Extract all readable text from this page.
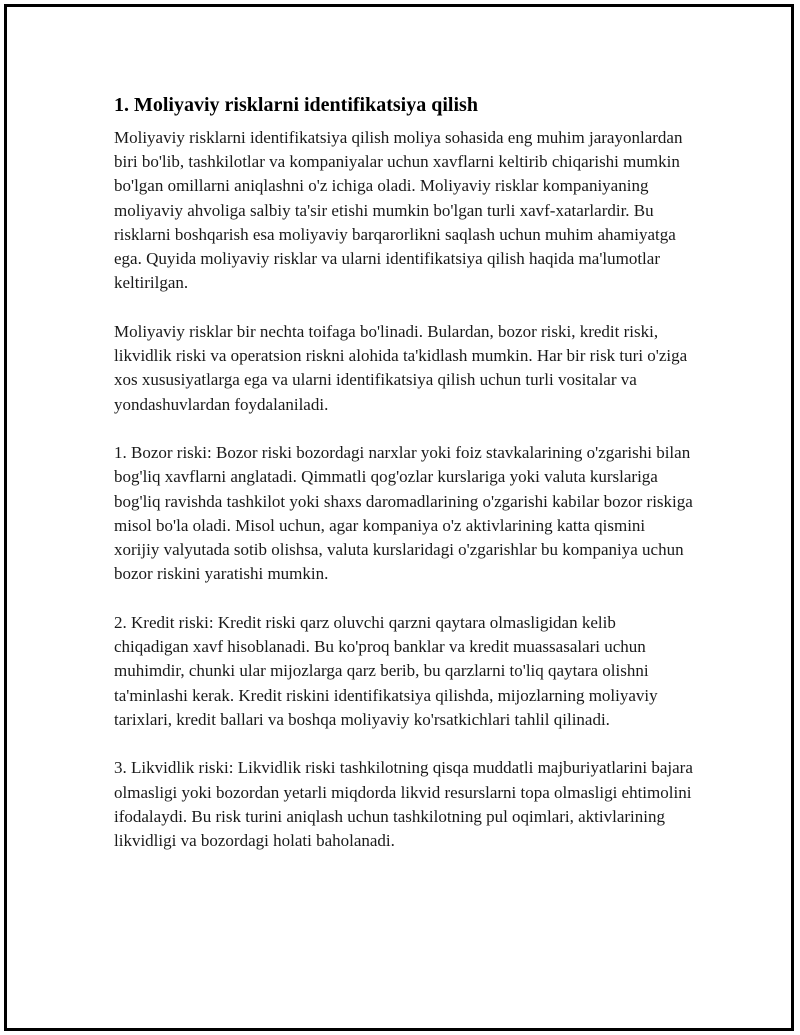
1. Moliyaviy risklarni identifikatsiya qilish

Moliyaviy risklarni identifikatsiya qilish moliya sohasida eng muhim jarayonlardan biri bo'lib, tashkilotlar va kompaniyalar uchun xavflarni keltirib chiqarishi mumkin bo'lgan omillarni aniqlashni o'z ichiga oladi. Moliyaviy risklar kompaniyaning moliyaviy ahvoliga salbiy ta'sir etishi mumkin bo'lgan turli xavf-xatarlardir. Bu risklarni boshqarish esa moliyaviy barqarorlikni saqlash uchun muhim ahamiyatga ega. Quyida moliyaviy risklar va ularni identifikatsiya qilish haqida ma'lumotlar keltirilgan.

Moliyaviy risklar bir nechta toifaga bo'linadi. Bulardan, bozor riski, kredit riski, likvidlik riski va operatsion riskni alohida ta'kidlash mumkin. Har bir risk turi o'ziga xos xususiyatlarga ega va ularni identifikatsiya qilish uchun turli vositalar va yondashuvlardan foydalaniladi.

1. Bozor riski: Bozor riski bozordagi narxlar yoki foiz stavkalarining o'zgarishi bilan bog'liq xavflarni anglatadi. Qimmatli qog'ozlar kurslariga yoki valuta kurslariga bog'liq ravishda tashkilot yoki shaxs daromadlarining o'zgarishi kabilar bozor riskiga misol bo'la oladi. Misol uchun, agar kompaniya o'z aktivlarining katta qismini xorijiy valyutada sotib olishsa, valuta kurslaridagi o'zgarishlar bu kompaniya uchun bozor riskini yaratishi mumkin.

2. Kredit riski: Kredit riski qarz oluvchi qarzni qaytara olmasligidan kelib chiqadigan xavf hisoblanadi. Bu ko'proq banklar va kredit muassasalari uchun muhimdir, chunki ular mijozlarga qarz berib, bu qarzlarni to'liq qaytara olishni ta'minlashi kerak. Kredit riskini identifikatsiya qilishda, mijozlarning moliyaviy tarixlari, kredit ballari va boshqa moliyaviy ko'rsatkichlari tahlil qilinadi.

3. Likvidlik riski: Likvidlik riski tashkilotning qisqa muddatli majburiyatlarini bajara olmasligi yoki bozordan yetarli miqdorda likvid resurslarni topa olmasligi ehtimolini ifodalaydi. Bu risk turini aniqlash uchun tashkilotning pul oqimlari, aktivlarining likvidligi va bozordagi holati baholanadi.
